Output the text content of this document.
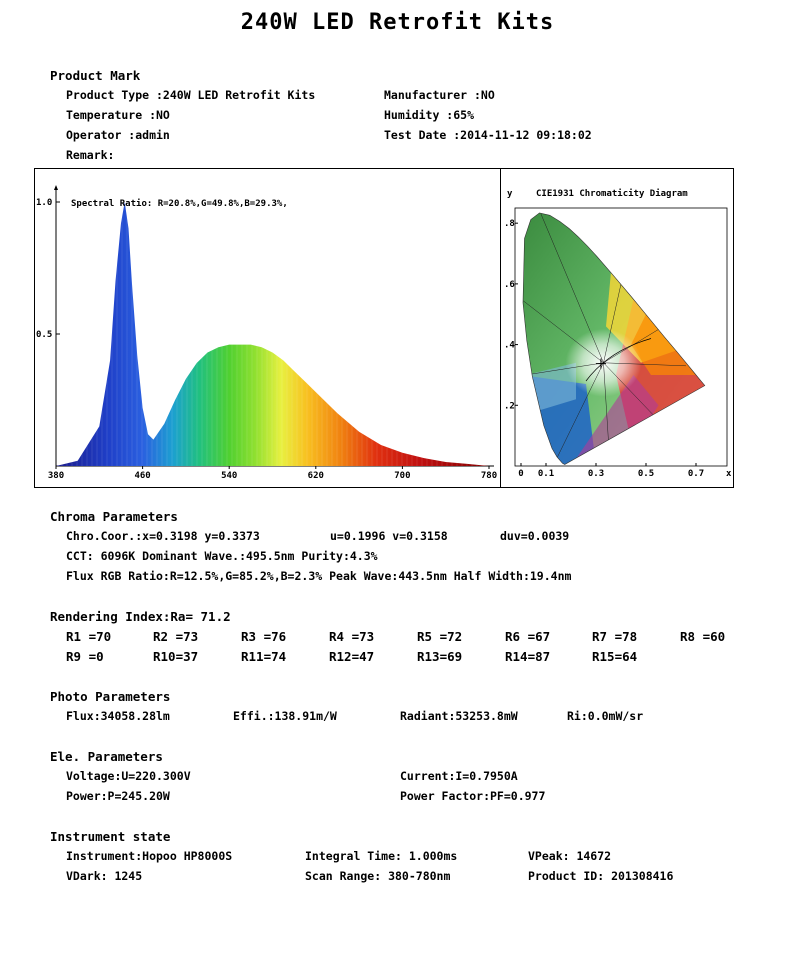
240W LED Retrofit Kits
Product Mark
Product Type :240W LED Retrofit Kits	Manufacturer :NO
Temperature :NO	Humidity :65%
Operator :admin	Test Date :2014-11-12 09:18:02
Remark:
380	460	540	620	700	780
1.0
0.5
Spectral Ratio: R=20.8%,G=49.8%,B=29.3%,
y	CIE1931 Chromaticity Diagram
0 0.1	0.3	0.5	0.7 x
.8
.6
.4
.2
Chroma Parameters
Chro.Coor.:x=0.3198 y=0.3373	u=0.1996 v=0.3158	duv=0.0039
CCT: 6096K Dominant Wave.:495.5nm Purity:4.3%
Flux RGB Ratio:R=12.5%,G=85.2%,B=2.3% Peak Wave:443.5nm Half Width:19.4nm
Rendering Index:Ra= 71.2
R1 =70	R2 =73	R3 =76	R4 =73	R5 =72	R6 =67	R7 =78	R8 =60
R9 =0	R10=37	R11=74	R12=47	R13=69	R14=87	R15=64
Photo Parameters
Flux:34058.28lm	Effi.:138.91m/W	Radiant:53253.8mW	Ri:0.0mW/sr
Ele. Parameters
Voltage:U=220.300V	Current:I=0.7950A
Power:P=245.20W	Power Factor:PF=0.977
Instrument state
Instrument:Hopoo HP8000S	Integral Time: 1.000ms	VPeak: 14672
VDark: 1245	Scan Range: 380-780nm	Product ID: 201308416
